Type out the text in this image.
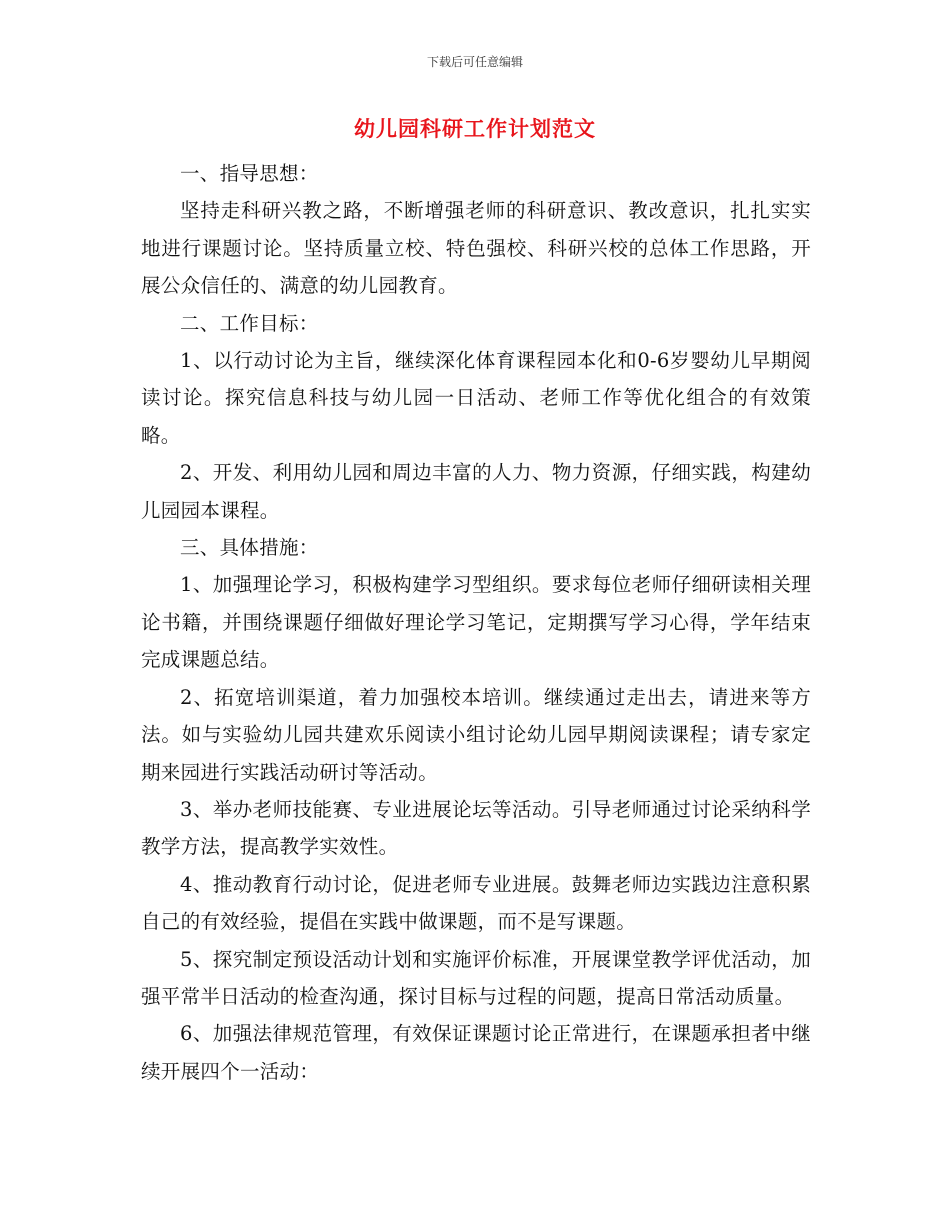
下载后可任意编辑
幼儿园科研工作计划范文

一、指导思想：

坚持走科研兴教之路，不断增强老师的科研意识、教改意识，扎扎实实地进行课题讨论。坚持质量立校、特色强校、科研兴校的总体工作思路，开展公众信任的、满意的幼儿园教育。

二、工作目标：

1、以行动讨论为主旨，继续深化体育课程园本化和0-6岁婴幼儿早期阅读讨论。探究信息科技与幼儿园一日活动、老师工作等优化组合的有效策略。

2、开发、利用幼儿园和周边丰富的人力、物力资源，仔细实践，构建幼儿园园本课程。

三、具体措施：

1、加强理论学习，积极构建学习型组织。要求每位老师仔细研读相关理论书籍，并围绕课题仔细做好理论学习笔记，定期撰写学习心得，学年结束完成课题总结。

2、拓宽培训渠道，着力加强校本培训。继续通过走出去，请进来等方法。如与实验幼儿园共建欢乐阅读小组讨论幼儿园早期阅读课程；请专家定期来园进行实践活动研讨等活动。

3、举办老师技能赛、专业进展论坛等活动。引导老师通过讨论采纳科学教学方法，提高教学实效性。

4、推动教育行动讨论，促进老师专业进展。鼓舞老师边实践边注意积累自己的有效经验，提倡在实践中做课题，而不是写课题。

5、探究制定预设活动计划和实施评价标准，开展课堂教学评优活动，加强平常半日活动的检查沟通，探讨目标与过程的问题，提高日常活动质量。

6、加强法律规范管理，有效保证课题讨论正常进行，在课题承担者中继续开展四个一活动：
